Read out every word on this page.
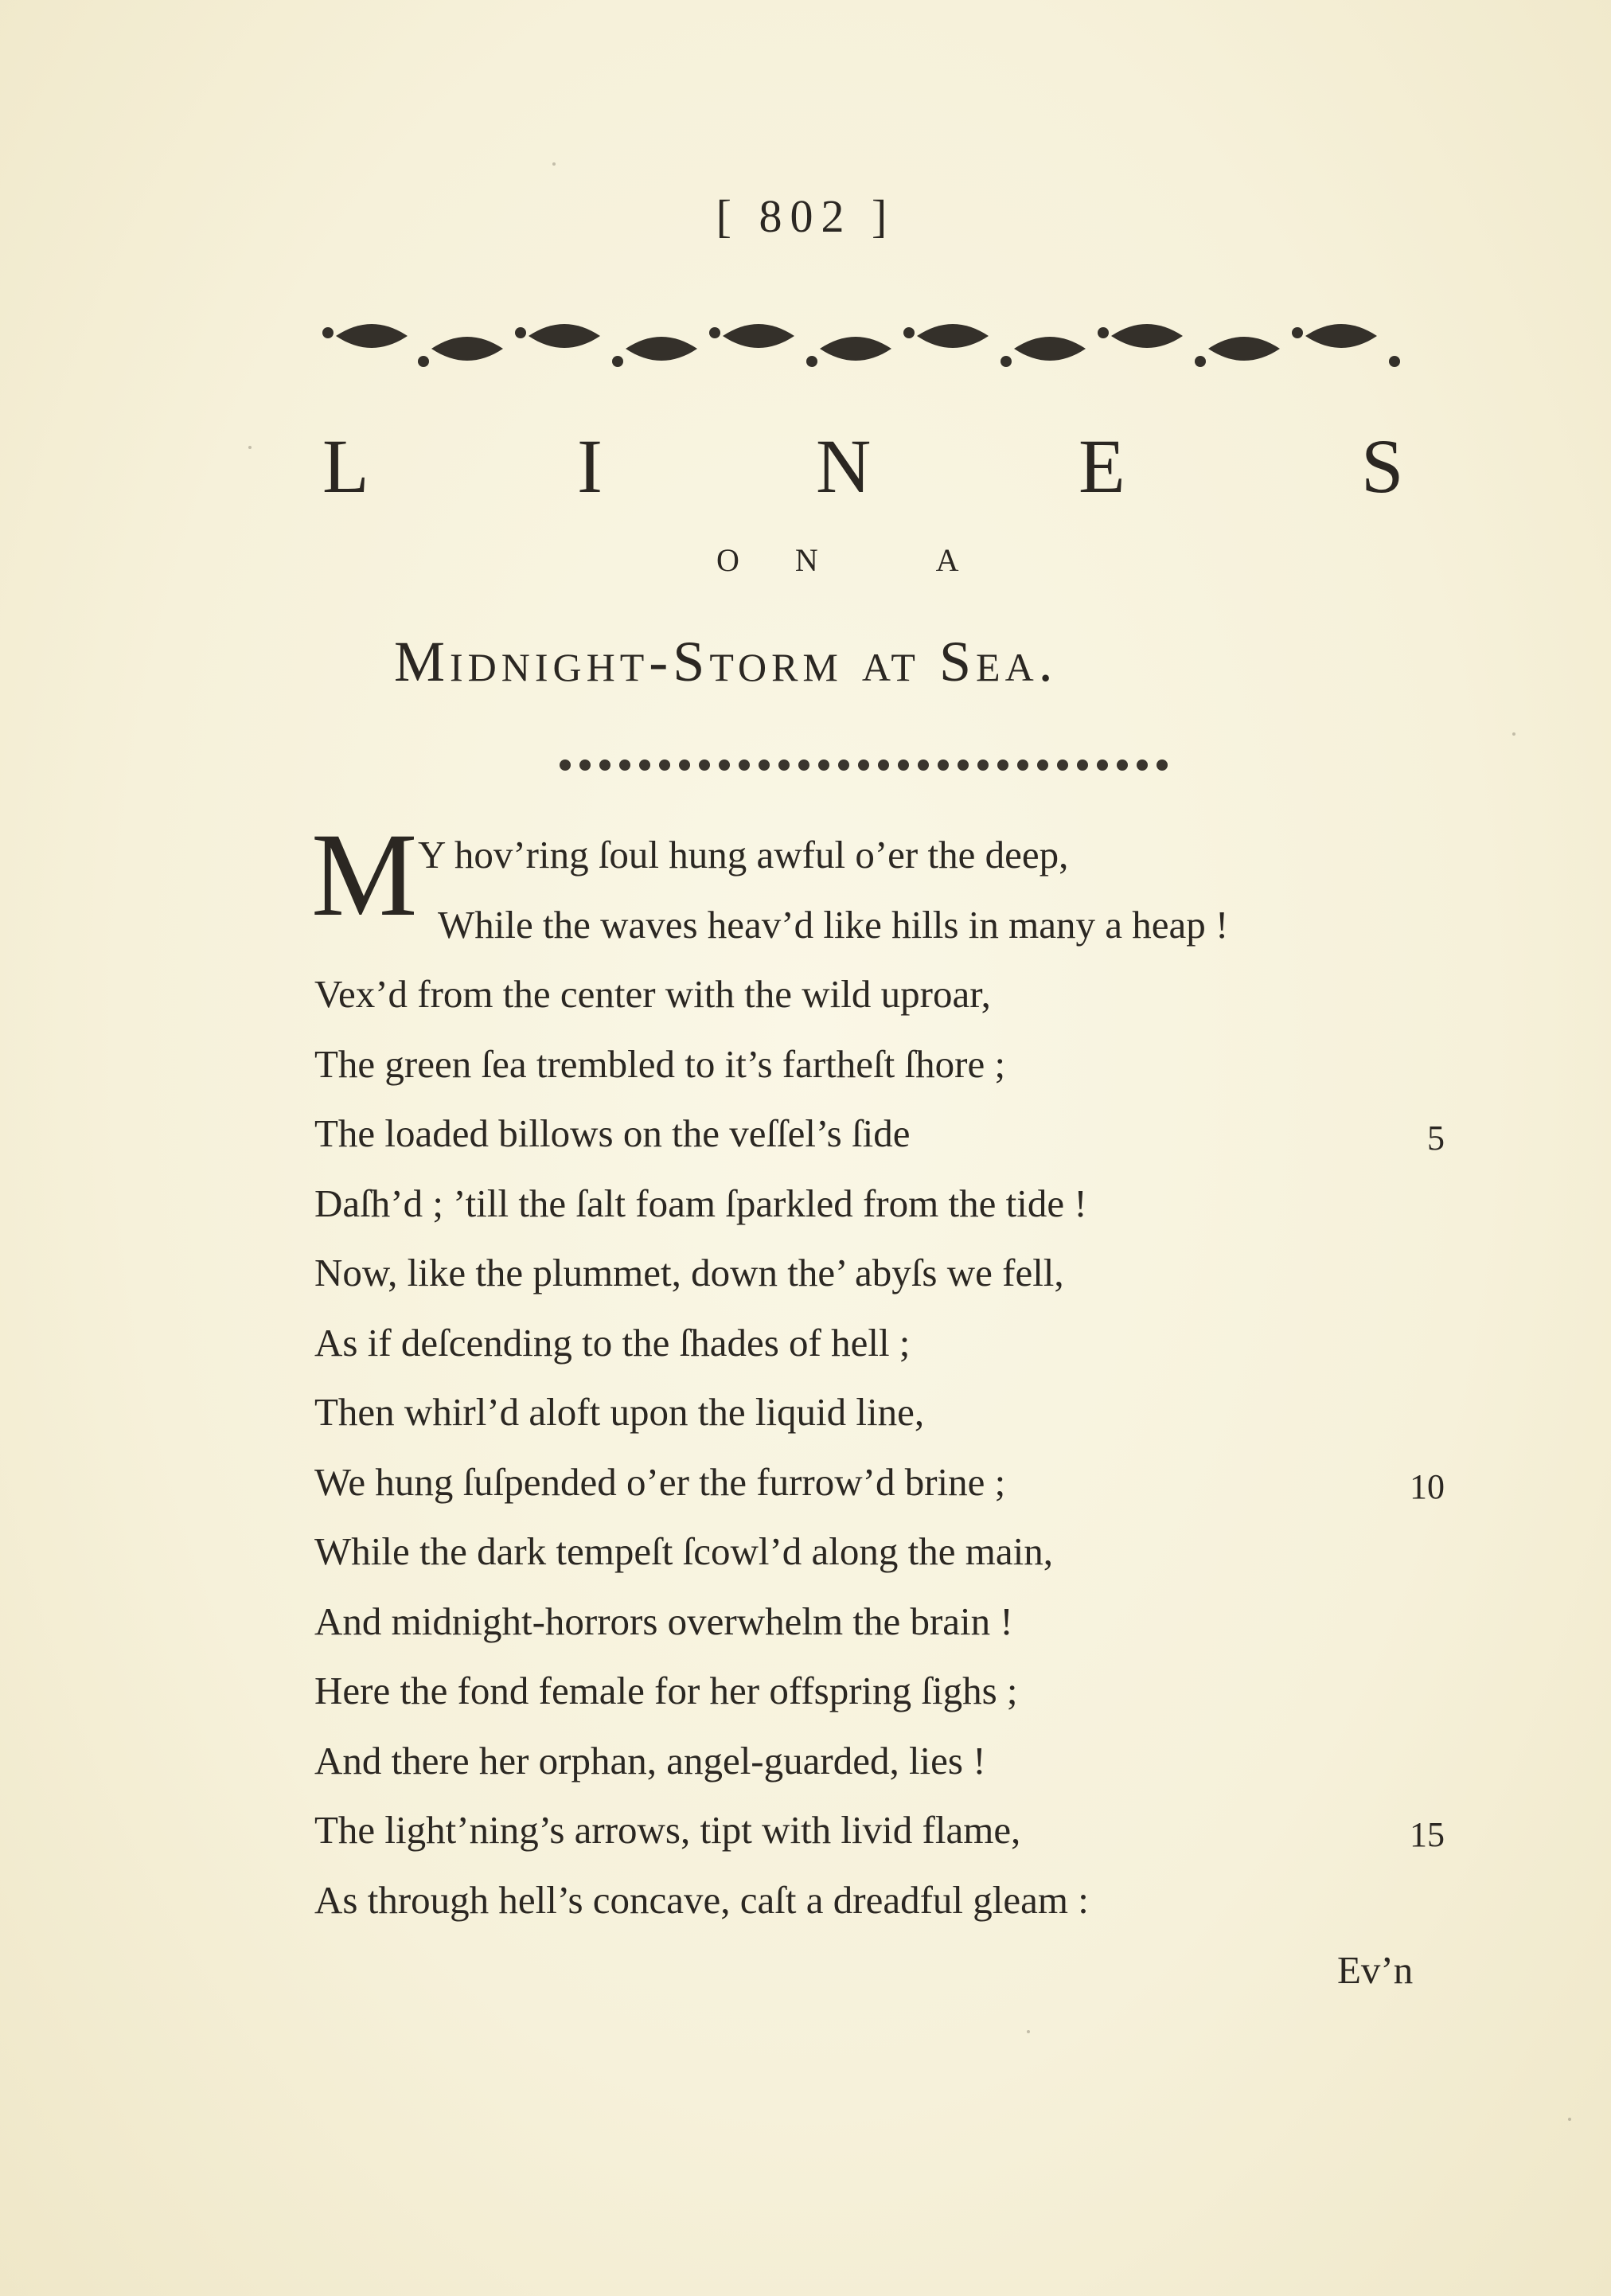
[ 802 ]
L	I	N	E	S
ON A
Midnight-Storm at Sea.
M Y hov’ring ſoul hung awful o’er the deep,
While the waves heav’d like hills in many a heap !
Vex’d from the center with the wild uproar,
The green ſea trembled to it’s fartheſt ſhore ;
The loaded billows on the veſſel’s ſide	5
Daſh’d ; ’till the ſalt foam ſparkled from the tide !
Now, like the plummet, down the’ abyſs we fell,
As if deſcending to the ſhades of hell ;
Then whirl’d aloft upon the liquid line,
We hung ſuſpended o’er the furrow’d brine ;	10
While the dark tempeſt ſcowl’d along the main,
And midnight-horrors overwhelm the brain !
Here the fond female for her offspring ſighs ;
And there her orphan, angel-guarded, lies !
The light’ning’s arrows, tipt with livid flame,	15
As through hell’s concave, caſt a dreadful gleam :
Ev’n
